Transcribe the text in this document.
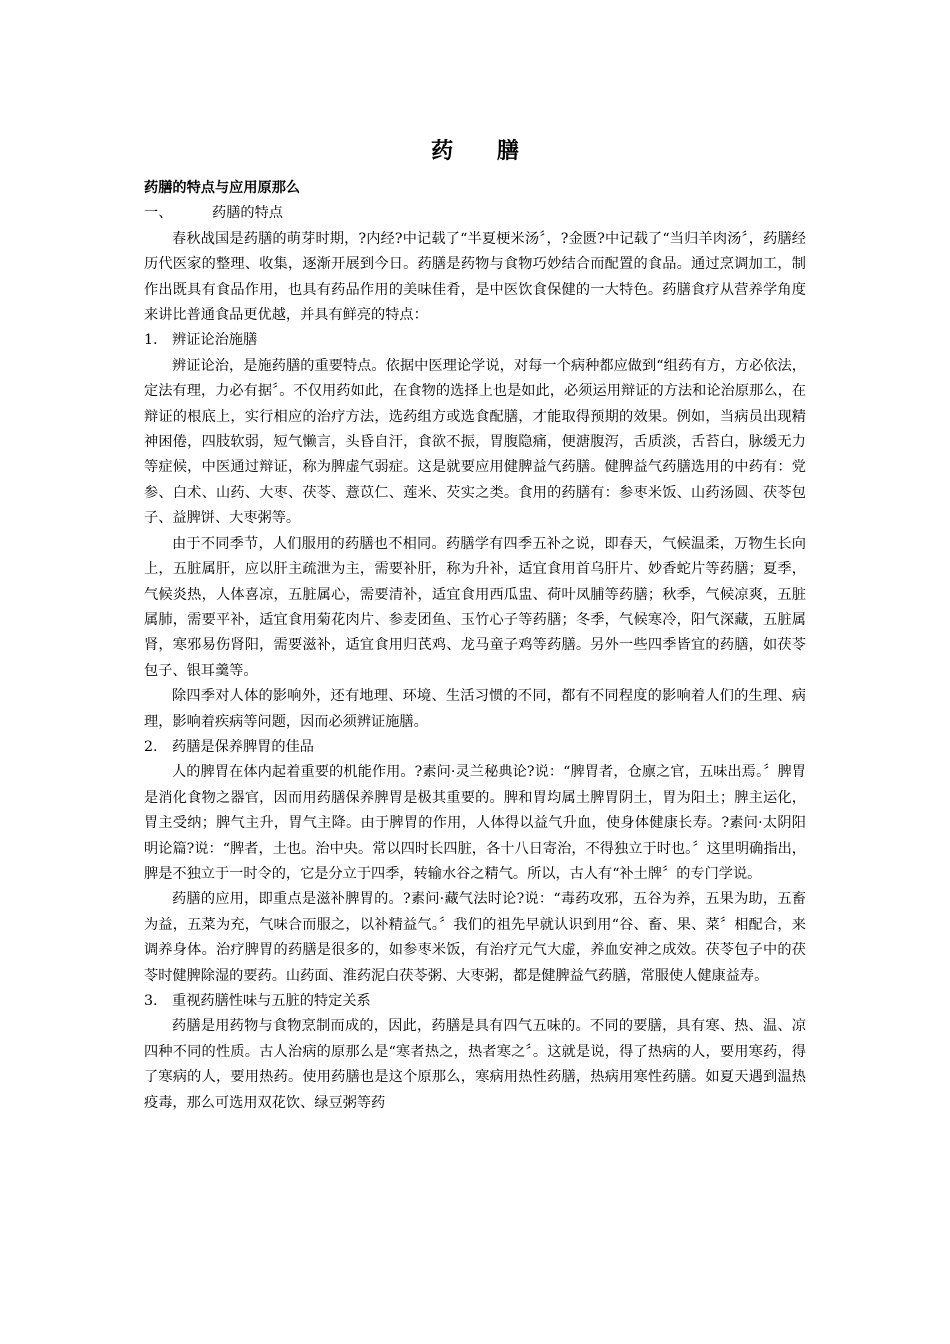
药 膳

药膳的特点与应用原那么

一、	药膳的特点

春秋战国是药膳的萌芽时期，?内经?中记载了“半夏梗米汤〞，?金匮?中记载了“当归羊肉汤〞，药膳经历代医家的整理、收集，逐渐开展到今日。药膳是药物与食物巧妙结合而配置的食品。通过烹调加工，制作出既具有食品作用，也具有药品作用的美味佳肴，是中医饮食保健的一大特色。药膳食疗从营养学角度来讲比普通食品更优越，并具有鲜亮的特点：

1. 辨证论治施膳

辨证论治，是施药膳的重要特点。依据中医理论学说，对每一个病种都应做到“组药有方，方必依法，定法有理，力必有据〞。不仅用药如此，在食物的选择上也是如此，必须运用辩证的方法和论治原那么，在辩证的根底上，实行相应的治疗方法，选药组方或选食配膳，才能取得预期的效果。例如，当病员出现精神困倦，四肢软弱，短气懒言，头昏自汗，食欲不振，胃腹隐痛，便溏腹泻，舌质淡，舌苔白，脉缓无力等症候，中医通过辩证，称为脾虚气弱症。这是就要应用健脾益气药膳。健脾益气药膳选用的中药有：党参、白术、山药、大枣、茯苓、薏苡仁、莲米、芡实之类。食用的药膳有：参枣米饭、山药汤圆、茯苓包子、益脾饼、大枣粥等。

由于不同季节，人们服用的药膳也不相同。药膳学有四季五补之说，即春天，气候温柔，万物生长向上，五脏属肝，应以肝主疏泄为主，需要补肝，称为升补，适宜食用首乌肝片、妙香蛇片等药膳；夏季，气候炎热，人体喜凉，五脏属心，需要清补，适宜食用西瓜盅、荷叶凤脯等药膳；秋季，气候凉爽，五脏属肺，需要平补，适宜食用菊花肉片、参麦团鱼、玉竹心子等药膳；冬季，气候寒冷，阳气深藏，五脏属肾，寒邪易伤肾阳，需要滋补，适宜食用归芪鸡、龙马童子鸡等药膳。另外一些四季皆宜的药膳，如茯苓包子、银耳羹等。

除四季对人体的影响外，还有地理、环境、生活习惯的不同，都有不同程度的影响着人们的生理、病理，影响着疾病等问题，因而必须辨证施膳。

2. 药膳是保养脾胃的佳品

人的脾胃在体内起着重要的机能作用。?素问·灵兰秘典论?说：“脾胃者，仓廪之官，五味出焉。〞脾胃是消化食物之器官，因而用药膳保养脾胃是极其重要的。脾和胃均属土脾胃阴土，胃为阳土；脾主运化，胃主受纳；脾气主升，胃气主降。由于脾胃的作用，人体得以益气升血，使身体健康长寿。?素问·太阴阳明论篇?说：“脾者，土也。治中央。常以四时长四脏，各十八日寄治，不得独立于时也。〞这里明确指出，脾是不独立于一时令的，它是分立于四季，转输水谷之精气。所以，古人有“补土牌〞的专门学说。

药膳的应用，即重点是滋补脾胃的。?素问·藏气法时论?说：“毒药攻邪，五谷为养，五果为助，五畜为益，五菜为充，气味合而服之，以补精益气。〞我们的祖先早就认识到用“谷、畜、果、菜〞相配合，来调养身体。治疗脾胃的药膳是很多的，如参枣米饭，有治疗元气大虚，养血安神之成效。茯苓包子中的茯苓时健脾除湿的要药。山药面、淮药泥白茯苓粥、大枣粥，都是健脾益气药膳，常服使人健康益寿。

3. 重视药膳性味与五脏的特定关系

药膳是用药物与食物烹制而成的，因此，药膳是具有四气五味的。不同的要膳，具有寒、热、温、凉四种不同的性质。古人治病的原那么是“寒者热之，热者寒之〞。这就是说，得了热病的人，要用寒药，得了寒病的人，要用热药。使用药膳也是这个原那么，寒病用热性药膳，热病用寒性药膳。如夏天遇到温热疫毒，那么可选用双花饮、绿豆粥等药
